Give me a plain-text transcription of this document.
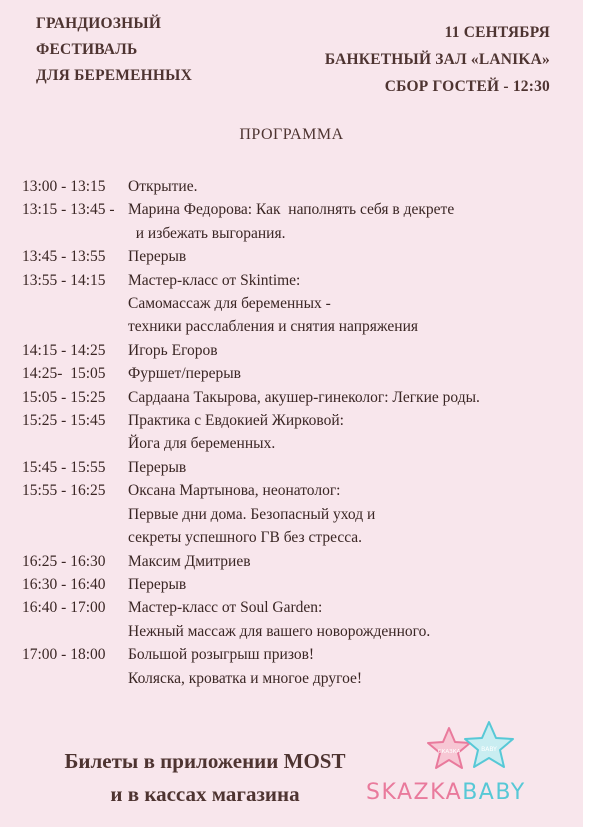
ГРАНДИОЗНЫЙ
ФЕСТИВАЛЬ
ДЛЯ БЕРЕМЕННЫХ
11 СЕНТЯБРЯ
БАНКЕТНЫЙ ЗАЛ «LANIKA»
СБОР ГОСТЕЙ - 12:30
ПРОГРАММА
13:00 - 13:15	Открытие.
13:15 - 13:45 - Марина Федорова: Как  наполнять себя в декрете
и избежать выгорания.
13:45 - 13:55	Перерыв
13:55 - 14:15	Мастер-класс от Skintime:
Самомассаж для беременных -
техники расслабления и снятия напряжения
14:15 - 14:25	Игорь Егоров
14:25-  15:05	Фуршет/перерыв
15:05 - 15:25	Сардаана Такырова, акушер-гинеколог: Легкие роды.
15:25 - 15:45	Практика с Евдокией Жирковой:
Йога для беременных.
15:45 - 15:55	Перерыв
15:55 - 16:25	Оксана Мартынова, неонатолог:
Первые дни дома. Безопасный уход и
секреты успешного ГВ без стресса.
16:25 - 16:30	Максим Дмитриев
16:30 - 16:40	Перерыв
16:40 - 17:00	Мастер-класс от Soul Garden:
Нежный массаж для вашего новорожденного.
17:00 - 18:00	Большой розыгрыш призов!
Коляска, кроватка и многое другое!
Билеты в приложении MOST
и в кассах магазина
СКАЗКА	BABY
SKAZKABABY
